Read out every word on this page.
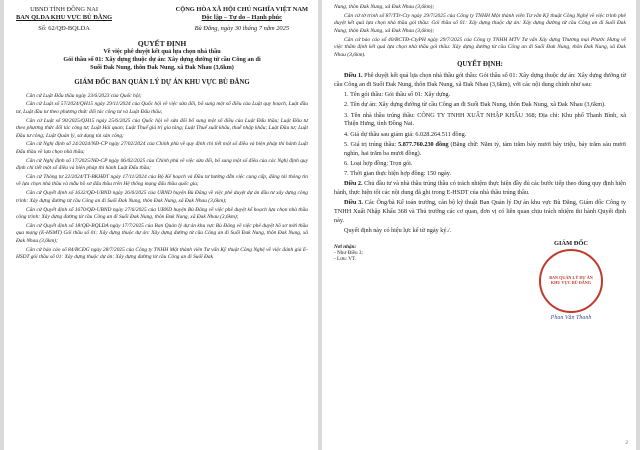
UBND TỈNH ĐỒNG NAI
BAN QLDA KHU VỰC BÙ ĐĂNG
Số: 62/QĐ-BQLDA
CỘNG HÒA XÃ HỘI CHỦ NGHĨA VIỆT NAM
Độc lập – Tự do – Hạnh phúc
Bù Đăng, ngày 30 tháng 7 năm 2025
QUYẾT ĐỊNH
Về việc phê duyệt kết quả lựa chọn nhà thầu
Gói thầu số 01: Xây dựng thuộc dự án: Xây dựng đường từ cầu Công an đi
Suối Đak Nung, thôn Đak Nung, xã Đak Nhau (3,6km)
GIÁM ĐỐC BAN QUẢN LÝ DỰ ÁN KHU VỰC BÙ ĐĂNG

Căn cứ Luật Đấu thầu ngày 23/6/2023 của Quốc hội;

Căn cứ Luật số 57/2024/QH15 ngày 29/11/2024 của Quốc hội về việc sửa đổi, bổ sung một số điều của Luật quy hoạch, Luật đầu tư, Luật đầu tư theo phương thức đối tác công tư và Luật Đấu thầu;

Căn cứ Luật số 90/2025/QH15 ngày 25/6/2025 của Quốc hội về sửa đổi bổ sung một số điều của Luật Đấu thầu; Luật Đầu tư theo phương thức đối tác công tư; Luật Hải quan; Luật Thuế giá trị gia tăng; Luật Thuế xuất khẩu, thuế nhập khẩu; Luật Đầu tư; Luật Đầu tư công; Luật Quản lý, sử dụng tài sản công;

Căn cứ Nghị định số 24/2024/NĐ-CP ngày 27/02/2024 của Chính phủ về quy định chi tiết một số điều và biện pháp thi hành Luật Đấu thầu về lựa chọn nhà thầu;

Căn cứ Nghị định số 17/2025/NĐ-CP ngày 06/02/2025 của Chính phủ về việc sửa đổi, bổ sung một số điều của các Nghị định quy định chi tiết một số điều và biện pháp thi hành Luật Đấu thầu;

Căn cứ Thông tư 22/2024/TT-BKHĐT ngày 17/11/2024 của Bộ Kế hoạch và Đầu tư hướng dẫn việc cung cấp, đăng tải thông tin về lựa chọn nhà thầu và mẫu hồ sơ đấu thầu trên Hệ thống mạng đấu thầu quốc gia;

Căn cứ Quyết định số 1632/QĐ-UBND ngày 26/6/2025 của UBND huyện Bù Đăng về việc phê duyệt dự án đầu tư xây dựng công trình: Xây dựng đường từ cầu Công an đi Suối Đak Nung, thôn Đak Nung, xã Đak Nhau (3,6km);

Căn cứ Quyết định số 1670/QĐ-UBND ngày 27/6/2025 của UBND huyện Bù Đăng về việc phê duyệt kế hoạch lựa chọn nhà thầu công trình: Xây dựng đường từ cầu Công an đi Suối Đak Nung, thôn Đak Nung, xã Đak Nhau (3,6km);

Căn cứ Quyết định số 18/QĐ-BQLDA ngày 17/7/2025 của Ban Quản lý dự án khu vực Bù Đăng về việc phê duyệt hồ sơ mời thầu qua mạng (E-HSMT) Gói thầu số 01: Xây dựng thuộc dự án: Xây dựng đường từ cầu Công an đi Suối Đak Nung, thôn Đak Nung, xã Đak Nhau (3,6km);

Căn cứ báo cáo số 84/BCĐG ngày 28/7/2025 của Công ty TNHH Một thành viên Tư vấn Kỹ thuật Công Nghệ về việc đánh giá E-HSDT gói thầu số 01: Xây dựng thuộc dự án: Xây dựng đường từ cầu Công an đi Suối Đak

Nung, thôn Đak Nung, xã Đak Nhau (3,6km);

Căn cứ tờ trình số 87/TTr-Cty ngày 29/7/2025 của Công ty TNHH Một thành viên Tư vấn Kỹ thuật Công Nghệ về việc trình phê duyệt kết quả lựa chọn nhà thầu gói thầu: Gói thầu số 01: Xây dựng thuộc dự án: Xây dựng đường từ cầu Công an đi Suối Đak Nung, thôn Đak Nung, xã Đak Nhau (3,6km);

Căn cứ báo cáo số 40/BCTĐ-CtyPH ngày 29/7/2025 của Công ty TNHH MTV Tư vấn Xây dựng Thương mại Phước Hưng về việc thẩm định kết quả lựa chọn nhà thầu gói thầu: Xây dựng đường từ cầu Công an đi Suối Đak Nung, thôn Đak Nung, xã Đak Nhau (3,6km).

QUYẾT ĐỊNH:

Điều 1. Phê duyệt kết quả lựa chọn nhà thầu gói thầu: Gói thầu số 01: Xây dựng thuộc dự án: Xây dựng đường từ cầu Công an đi Suối Đak Nung, thôn Đak Nung, xã Đak Nhau (3,6km), với các nội dung chính như sau:

1. Tên gói thầu: Gói thầu số 01: Xây dựng.

2. Tên dự án: Xây dựng đường từ cầu Công an đi Suối Đak Nung, thôn Đak Nung, xã Đak Nhau (3,6km).

3. Tên nhà thầu trúng thầu: CÔNG TY TNHH XUẤT NHẬP KHẨU 368; Địa chỉ: Khu phố Thanh Bình, xã Thiện Hưng, tỉnh Đồng Nai.

4. Giá dự thầu sau giảm giá: 6.028.264.511 đồng.

5. Giá trị trúng thầu: 5.877.760.230 đồng (Bằng chữ: Năm tỷ, tám trăm bảy mươi bảy triệu, bảy trăm sáu mươi nghìn, hai trăm ba mươi đồng).

6. Loại hợp đồng: Trọn gói.

7. Thời gian thực hiện hợp đồng: 150 ngày.

Điều 2. Chủ đầu tư và nhà thầu trúng thầu có trách nhiệm thực hiện đầy đủ các bước tiếp theo đúng quy định hiện hành, thực hiện tốt các nội dung đã ghi trong E-HSDT của nhà thầu trúng thầu.

Điều 3. Các Ông/bà Kế toán trưởng, cán bộ kỹ thuật Ban Quản lý Dự án khu vực Bù Đăng, Giám đốc Công ty TNHH Xuất Nhập Khẩu 368 và Thủ trưởng các cơ quan, đơn vị có liên quan chịu trách nhiệm thi hành Quyết định này.

Quyết định này có hiệu lực kể từ ngày ký./.

Nơi nhận:
- Như Điều 3;
- Lưu: VT.
GIÁM ĐỐC
BAN QUẢN LÝ DỰ ÁN KHU VỰC BÙ ĐĂNG
Phan Văn Thanh
2
